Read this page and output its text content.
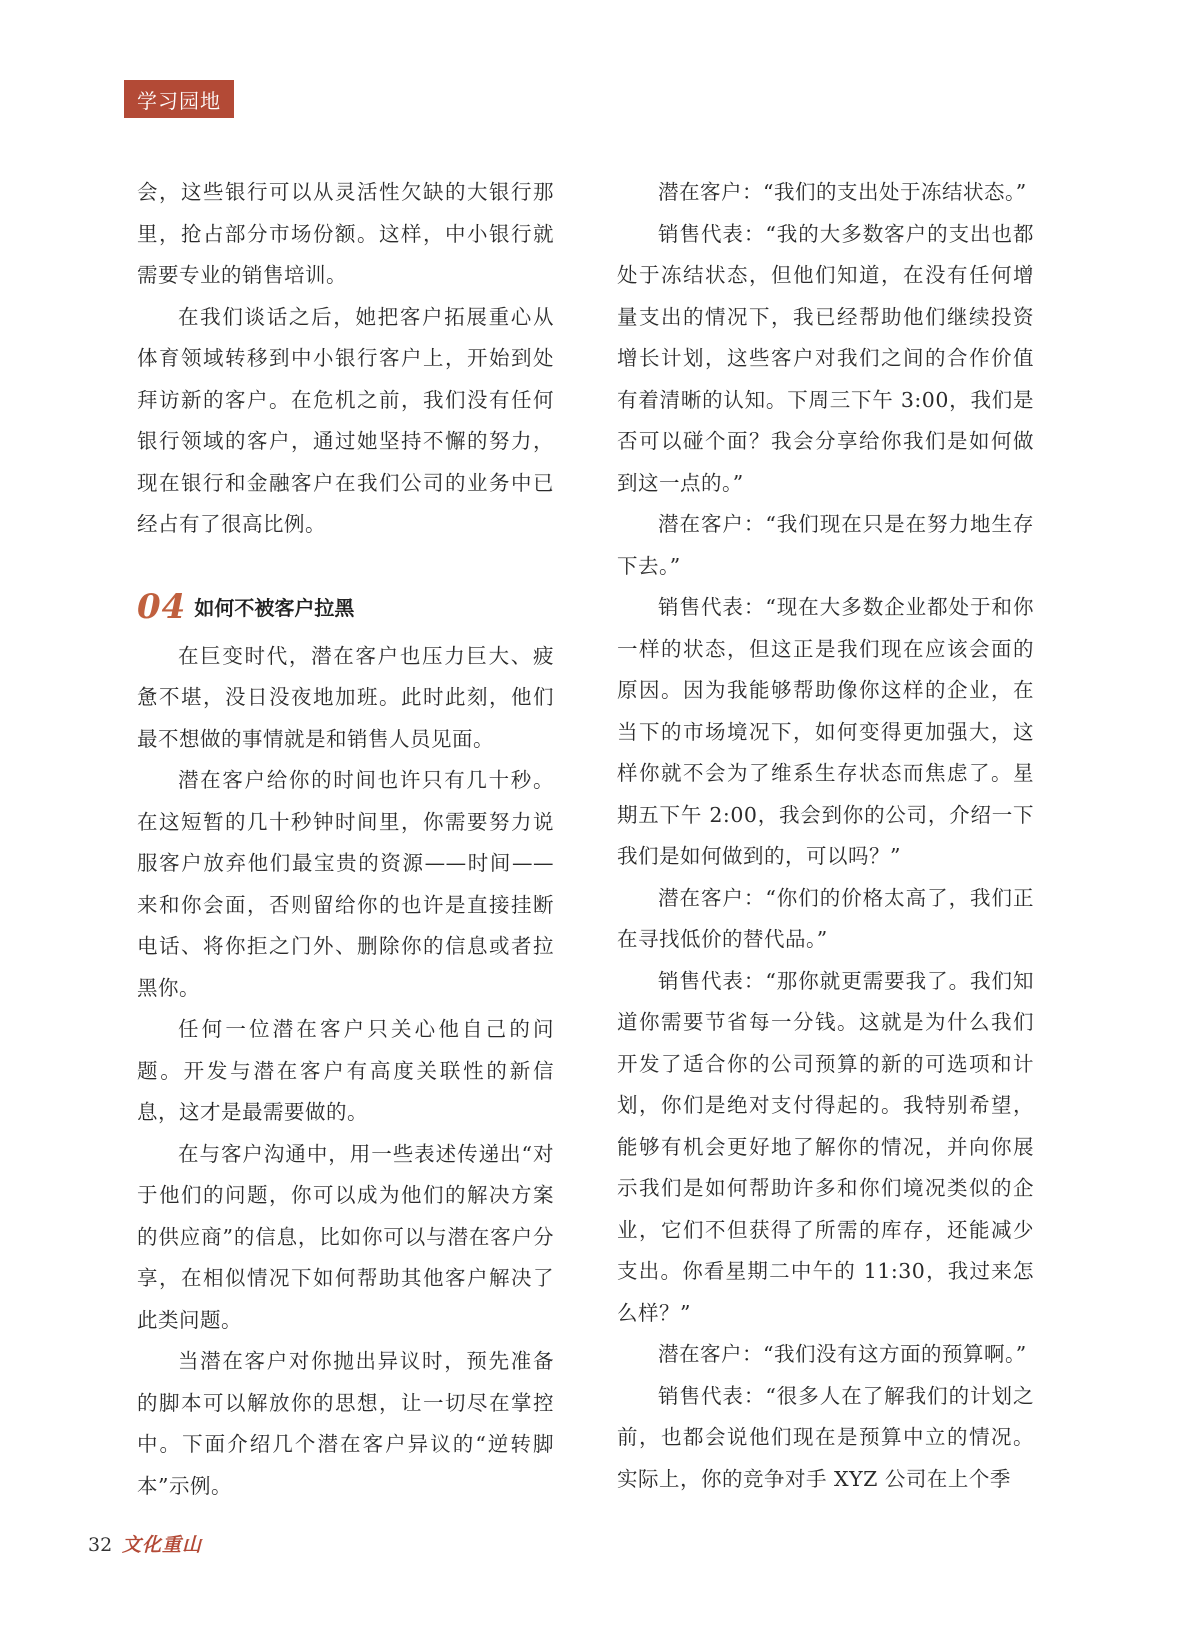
学习园地

会，这些银行可以从灵活性欠缺的大银行那里，抢占部分市场份额。这样，中小银行就需要专业的销售培训。

在我们谈话之后，她把客户拓展重心从体育领域转移到中小银行客户上，开始到处拜访新的客户。在危机之前，我们没有任何银行领域的客户，通过她坚持不懈的努力，现在银行和金融客户在我们公司的业务中已经占有了很高比例。

04 如何不被客户拉黑

在巨变时代，潜在客户也压力巨大、疲惫不堪，没日没夜地加班。此时此刻，他们最不想做的事情就是和销售人员见面。

潜在客户给你的时间也许只有几十秒。在这短暂的几十秒钟时间里，你需要努力说服客户放弃他们最宝贵的资源——时间——来和你会面，否则留给你的也许是直接挂断电话、将你拒之门外、删除你的信息或者拉黑你。

任何一位潜在客户只关心他自己的问题。开发与潜在客户有高度关联性的新信息，这才是最需要做的。

在与客户沟通中，用一些表述传递出“对于他们的问题，你可以成为他们的解决方案的供应商”的信息，比如你可以与潜在客户分享，在相似情况下如何帮助其他客户解决了此类问题。

当潜在客户对你抛出异议时，预先准备的脚本可以解放你的思想，让一切尽在掌控中。下面介绍几个潜在客户异议的“逆转脚本”示例。

潜在客户：“我们的支出处于冻结状态。”

销售代表：“我的大多数客户的支出也都处于冻结状态，但他们知道，在没有任何增量支出的情况下，我已经帮助他们继续投资增长计划，这些客户对我们之间的合作价值有着清晰的认知。下周三下午 3:00，我们是否可以碰个面？我会分享给你我们是如何做到这一点的。”

潜在客户：“我们现在只是在努力地生存下去。”

销售代表：“现在大多数企业都处于和你一样的状态，但这正是我们现在应该会面的原因。因为我能够帮助像你这样的企业，在当下的市场境况下，如何变得更加强大，这样你就不会为了维系生存状态而焦虑了。星期五下午 2:00，我会到你的公司，介绍一下我们是如何做到的，可以吗？”

潜在客户：“你们的价格太高了，我们正在寻找低价的替代品。”

销售代表：“那你就更需要我了。我们知道你需要节省每一分钱。这就是为什么我们开发了适合你的公司预算的新的可选项和计划，你们是绝对支付得起的。我特别希望，能够有机会更好地了解你的情况，并向你展示我们是如何帮助许多和你们境况类似的企业，它们不但获得了所需的库存，还能减少支出。你看星期二中午的 11:30，我过来怎么样？”

潜在客户：“我们没有这方面的预算啊。”

销售代表：“很多人在了解我们的计划之前，也都会说他们现在是预算中立的情况。实际上，你的竞争对手 XYZ 公司在上个季

32 文化重山
